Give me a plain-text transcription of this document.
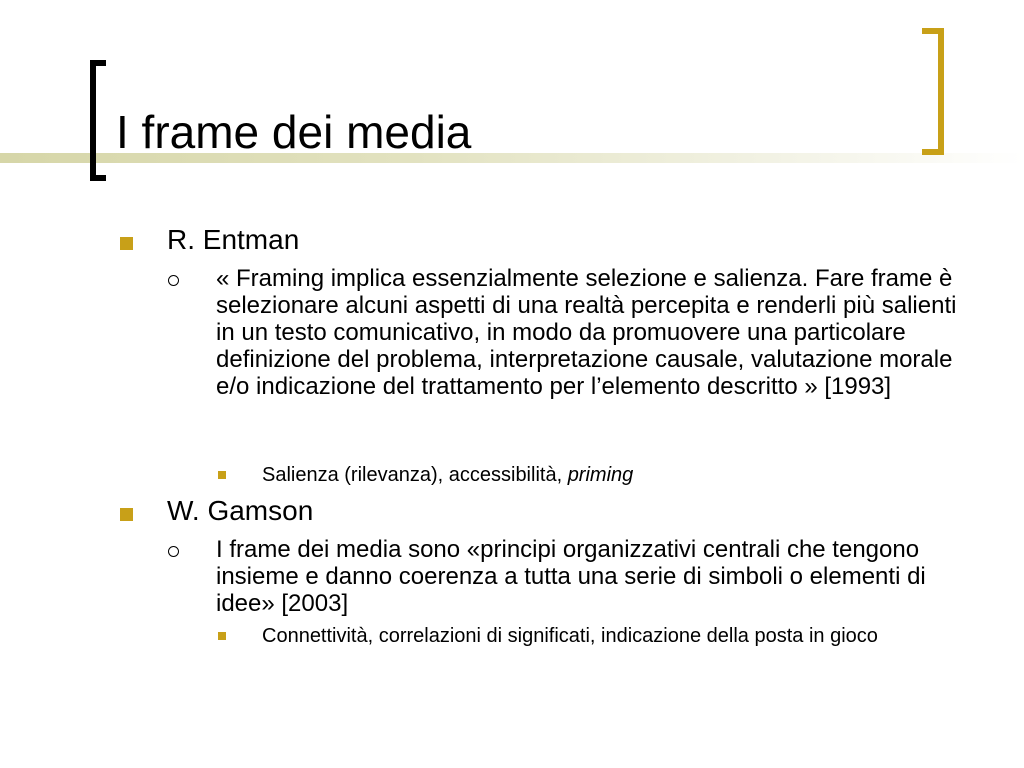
I frame dei media
R. Entman
« Framing implica essenzialmente selezione e salienza. Fare frame è selezionare alcuni aspetti di una realtà percepita e renderli più salienti in un testo comunicativo, in modo da promuovere una particolare definizione del problema, interpretazione causale, valutazione morale e/o indicazione del trattamento per l’elemento descritto » [1993]
Salienza (rilevanza), accessibilità, priming
W. Gamson
I frame dei media sono «principi organizzativi centrali che tengono insieme e danno coerenza a tutta una serie di simboli o elementi di idee» [2003]
Connettività, correlazioni di significati, indicazione della posta in gioco
